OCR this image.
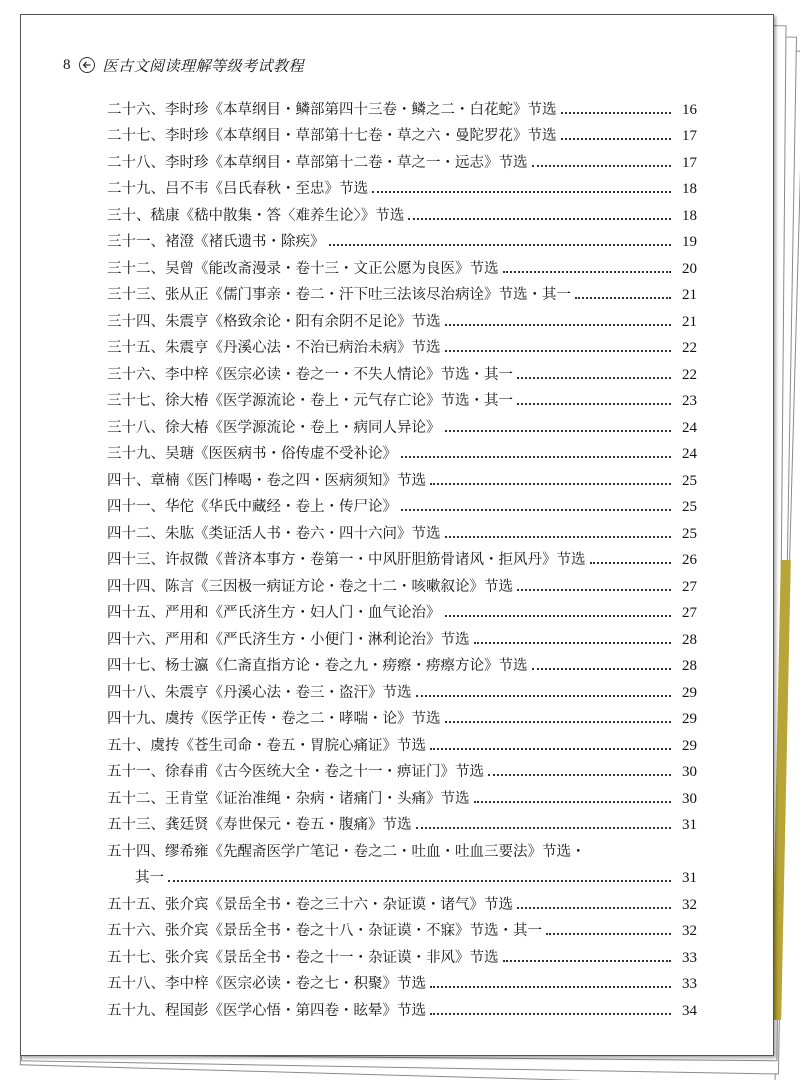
8 医古文阅读理解等级考试教程
二十六、李时珍《本草纲目・鳞部第四十三卷・鳞之二・白花蛇》节选	16
二十七、李时珍《本草纲目・草部第十七卷・草之六・曼陀罗花》节选	17
二十八、李时珍《本草纲目・草部第十二卷・草之一・远志》节选	17
二十九、吕不韦《吕氏春秋・至忠》节选	18
三十、嵇康《嵇中散集・答〈难养生论〉》节选	18
三十一、褚澄《褚氏遗书・除疾》	19
三十二、吴曾《能改斋漫录・卷十三・文正公愿为良医》节选	20
三十三、张从正《儒门事亲・卷二・汗下吐三法该尽治病诠》节选・其一	21
三十四、朱震亨《格致余论・阳有余阴不足论》节选	21
三十五、朱震亨《丹溪心法・不治已病治未病》节选	22
三十六、李中梓《医宗必读・卷之一・不失人情论》节选・其一	22
三十七、徐大椿《医学源流论・卷上・元气存亡论》节选・其一	23
三十八、徐大椿《医学源流论・卷上・病同人异论》	24
三十九、吴瑭《医医病书・俗传虚不受补论》	24
四十、章楠《医门棒喝・卷之四・医病须知》节选	25
四十一、华佗《华氏中藏经・卷上・传尸论》	25
四十二、朱肱《类证活人书・卷六・四十六问》节选	25
四十三、许叔微《普济本事方・卷第一・中风肝胆筋骨诸风・拒风丹》节选	26
四十四、陈言《三因极一病证方论・卷之十二・咳嗽叙论》节选	27
四十五、严用和《严氏济生方・妇人门・血气论治》	27
四十六、严用和《严氏济生方・小便门・淋利论治》节选	28
四十七、杨士瀛《仁斋直指方论・卷之九・痨瘵・痨瘵方论》节选	28
四十八、朱震亨《丹溪心法・卷三・盗汗》节选	29
四十九、虞抟《医学正传・卷之二・哮喘・论》节选	29
五十、虞抟《苍生司命・卷五・胃脘心痛证》节选	29
五十一、徐春甫《古今医统大全・卷之十一・痹证门》节选	30
五十二、王肯堂《证治准绳・杂病・诸痛门・头痛》节选	30
五十三、龚廷贤《寿世保元・卷五・腹痛》节选	31
五十四、缪希雍《先醒斋医学广笔记・卷之二・吐血・吐血三要法》节选・
其一	31
五十五、张介宾《景岳全书・卷之三十六・杂证谟・诸气》节选	32
五十六、张介宾《景岳全书・卷之十八・杂证谟・不寐》节选・其一	32
五十七、张介宾《景岳全书・卷之十一・杂证谟・非风》节选	33
五十八、李中梓《医宗必读・卷之七・积聚》节选	33
五十九、程国彭《医学心悟・第四卷・眩晕》节选	34
